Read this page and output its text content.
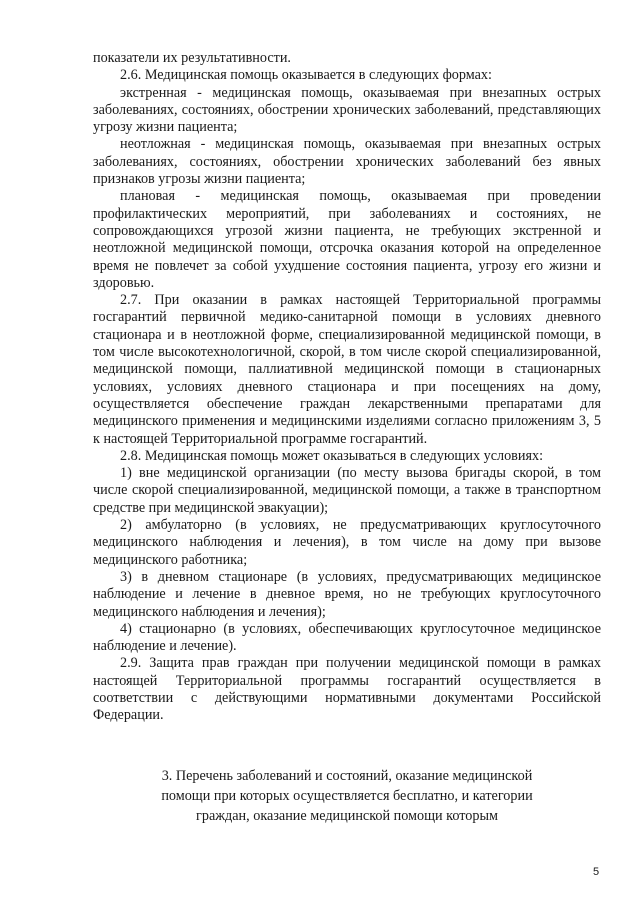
показатели их результативности.

2.6. Медицинская помощь оказывается в следующих формах:

экстренная - медицинская помощь, оказываемая при внезапных острых заболеваниях, состояниях, обострении хронических заболеваний, представляющих угрозу жизни пациента;

неотложная - медицинская помощь, оказываемая при внезапных острых заболеваниях, состояниях, обострении хронических заболеваний без явных признаков угрозы жизни пациента;

плановая - медицинская помощь, оказываемая при проведении профилактических мероприятий, при заболеваниях и состояниях, не сопровождающихся угрозой жизни пациента, не требующих экстренной и неотложной медицинской помощи, отсрочка оказания которой на определенное время не повлечет за собой ухудшение состояния пациента, угрозу его жизни и здоровью.

2.7. При оказании в рамках настоящей Территориальной программы госгарантий первичной медико-санитарной помощи в условиях дневного стационара и в неотложной форме, специализированной медицинской помощи, в том числе высокотехнологичной, скорой, в том числе скорой специализированной, медицинской помощи, паллиативной медицинской помощи в стационарных условиях, условиях дневного стационара и при посещениях на дому, осуществляется обеспечение граждан лекарственными препаратами для медицинского применения и медицинскими изделиями согласно приложениям 3, 5 к настоящей Территориальной программе госгарантий.

2.8. Медицинская помощь может оказываться в следующих условиях:

1) вне медицинской организации (по месту вызова бригады скорой, в том числе скорой специализированной, медицинской помощи, а также в транспортном средстве при медицинской эвакуации);

2) амбулаторно (в условиях, не предусматривающих круглосуточного медицинского наблюдения и лечения), в том числе на дому при вызове медицинского работника;

3) в дневном стационаре (в условиях, предусматривающих медицинское наблюдение и лечение в дневное время, но не требующих круглосуточного медицинского наблюдения и лечения);

4) стационарно (в условиях, обеспечивающих круглосуточное медицинское наблюдение и лечение).

2.9. Защита прав граждан при получении медицинской помощи в рамках настоящей Территориальной программы госгарантий осуществляется в соответствии с действующими нормативными документами Российской Федерации.

3. Перечень заболеваний и состояний, оказание медицинской
помощи при которых осуществляется бесплатно, и категории
граждан, оказание медицинской помощи которым
5
